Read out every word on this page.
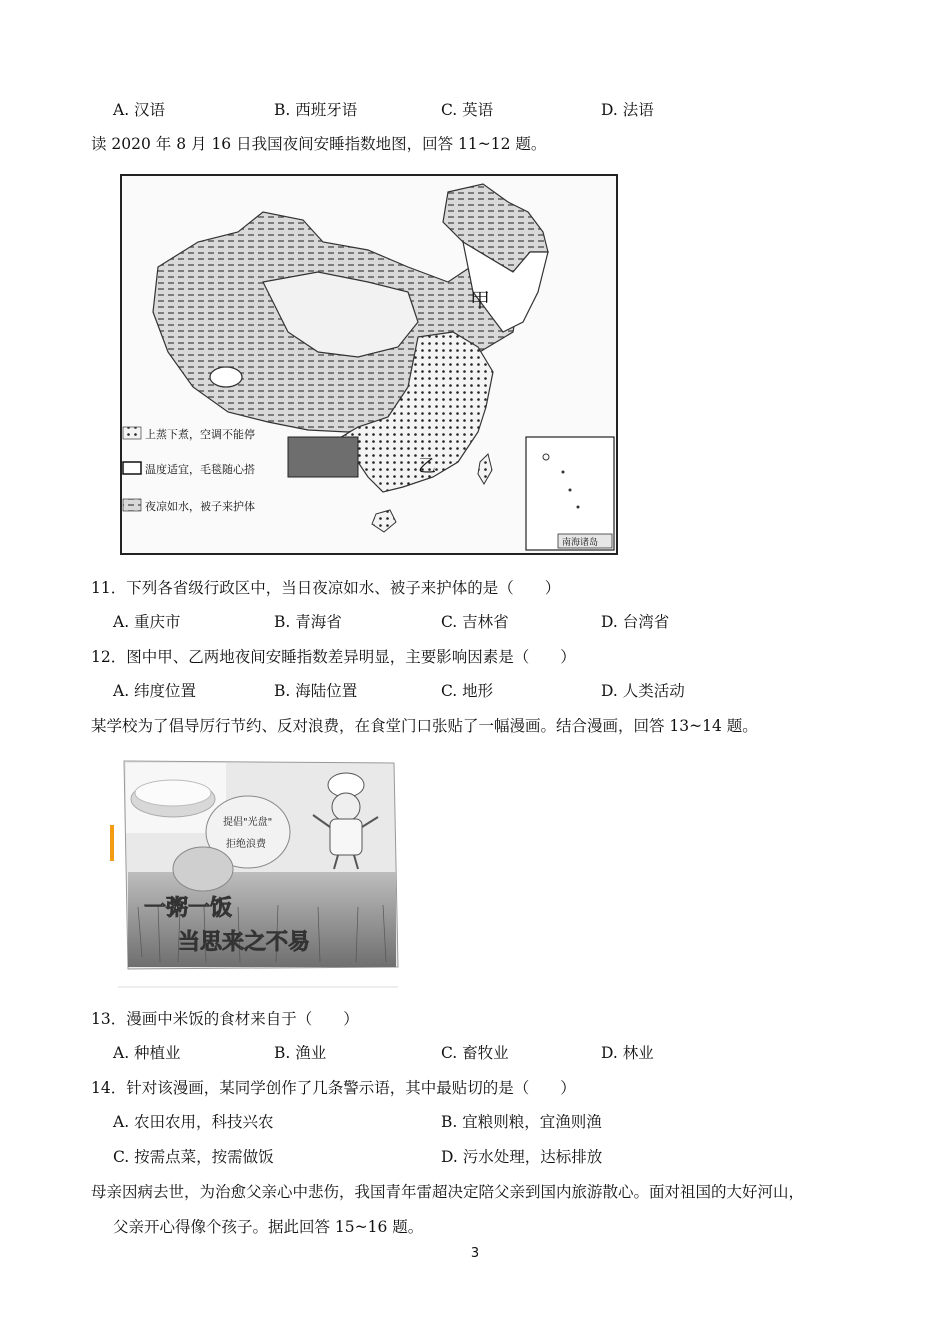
A. 汉语	B. 西班牙语	C. 英语	D. 法语
读 2020 年 8 月 16 日我国夜间安睡指数地图，回答 11~12 题。
甲
乙
南海诸岛
上蒸下煮，空调不能停
温度适宜，毛毯随心搭
夜凉如水，被子来护体
11．下列各省级行政区中，当日夜凉如水、被子来护体的是（　　）
A. 重庆市	B. 青海省	C. 吉林省	D. 台湾省
12．图中甲、乙两地夜间安睡指数差异明显，主要影响因素是（　　）
A. 纬度位置	B. 海陆位置	C. 地形	D. 人类活动
某学校为了倡导厉行节约、反对浪费，在食堂门口张贴了一幅漫画。结合漫画，回答 13~14 题。
提倡"光盘"
拒绝浪费
一粥一饭
当思来之不易
13．漫画中米饭的食材来自于（　　）
A. 种植业	B. 渔业	C. 畜牧业	D. 林业
14．针对该漫画，某同学创作了几条警示语，其中最贴切的是（　　）
A. 农田农用，科技兴农	B. 宜粮则粮，宜渔则渔
C. 按需点菜，按需做饭	D. 污水处理，达标排放
母亲因病去世，为治愈父亲心中悲伤，我国青年雷超决定陪父亲到国内旅游散心。面对祖国的大好河山，
父亲开心得像个孩子。据此回答 15~16 题。
3
